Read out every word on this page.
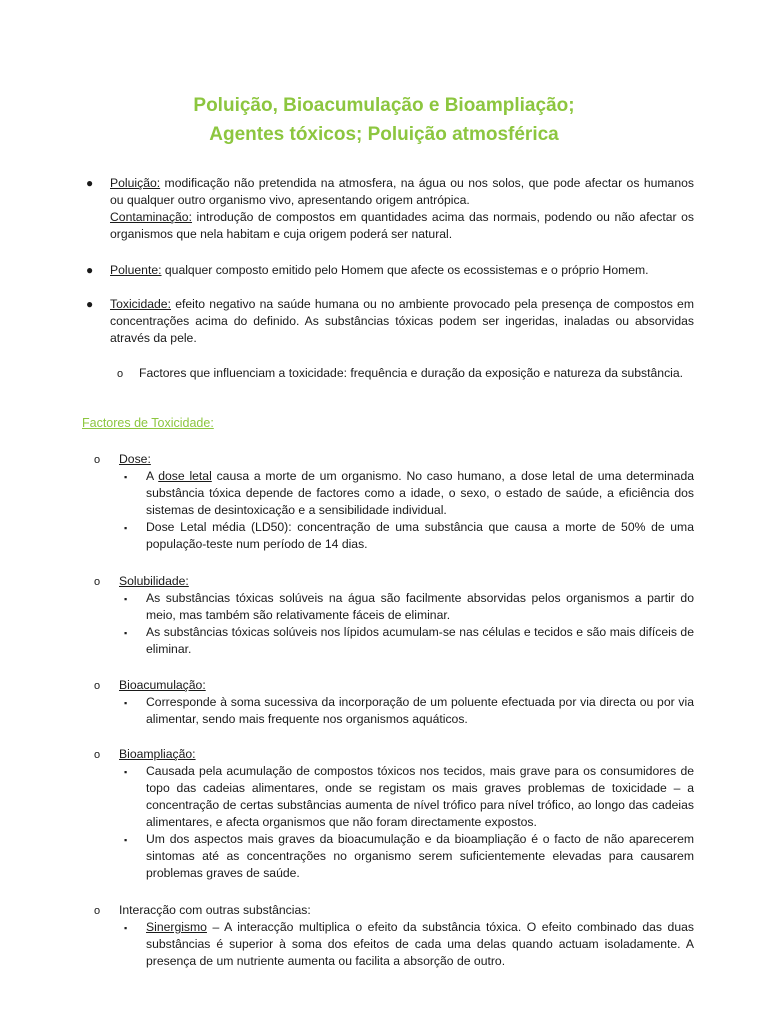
Poluição, Bioacumulação e Bioampliação;
Agentes tóxicos; Poluição atmosférica
● Poluição: modificação não pretendida na atmosfera, na água ou nos solos, que pode afectar os humanos ou qualquer outro organismo vivo, apresentando origem antrópica.
Contaminação: introdução de compostos em quantidades acima das normais, podendo ou não afectar os organismos que nela habitam e cuja origem poderá ser natural.
● Poluente: qualquer composto emitido pelo Homem que afecte os ecossistemas e o próprio Homem.
● Toxicidade: efeito negativo na saúde humana ou no ambiente provocado pela presença de compostos em concentrações acima do definido. As substâncias tóxicas podem ser ingeridas, inaladas ou absorvidas através da pele.
o Factores que influenciam a toxicidade: frequência e duração da exposição e natureza da substância.
Factores de Toxicidade:
o Dose:
▪ A dose letal causa a morte de um organismo. No caso humano, a dose letal de uma determinada substância tóxica depende de factores como a idade, o sexo, o estado de saúde, a eficiência dos sistemas de desintoxicação e a sensibilidade individual.
▪ Dose Letal média (LD50): concentração de uma substância que causa a morte de 50% de uma população-teste num período de 14 dias.
o Solubilidade:
▪ As substâncias tóxicas solúveis na água são facilmente absorvidas pelos organismos a partir do meio, mas também são relativamente fáceis de eliminar.
▪ As substâncias tóxicas solúveis nos lípidos acumulam-se nas células e tecidos e são mais difíceis de eliminar.
o Bioacumulação:
▪ Corresponde à soma sucessiva da incorporação de um poluente efectuada por via directa ou por via alimentar, sendo mais frequente nos organismos aquáticos.
o Bioampliação:
▪ Causada pela acumulação de compostos tóxicos nos tecidos, mais grave para os consumidores de topo das cadeias alimentares, onde se registam os mais graves problemas de toxicidade – a concentração de certas substâncias aumenta de nível trófico para nível trófico, ao longo das cadeias alimentares, e afecta organismos que não foram directamente expostos.
▪ Um dos aspectos mais graves da bioacumulação e da bioampliação é o facto de não aparecerem sintomas até as concentrações no organismo serem suficientemente elevadas para causarem problemas graves de saúde.
o Interacção com outras substâncias:
▪ Sinergismo – A interacção multiplica o efeito da substância tóxica. O efeito combinado das duas substâncias é superior à soma dos efeitos de cada uma delas quando actuam isoladamente. A presença de um nutriente aumenta ou facilita a absorção de outro.
